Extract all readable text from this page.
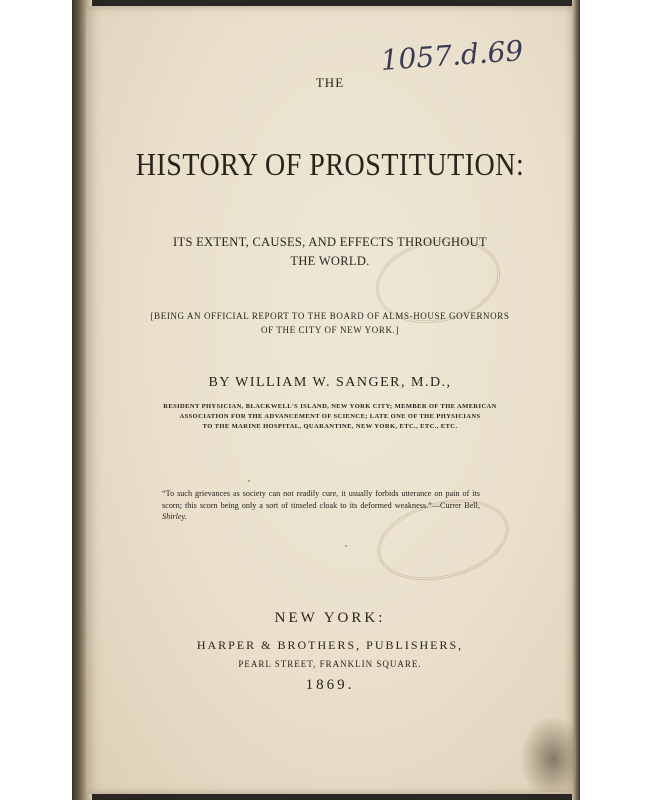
1057.d.69

THE

HISTORY OF PROSTITUTION:
ITS EXTENT, CAUSES, AND EFFECTS THROUGHOUT
THE WORLD.
[BEING AN OFFICIAL REPORT TO THE BOARD OF ALMS-HOUSE GOVERNORS
OF THE CITY OF NEW YORK.]

BY WILLIAM W. SANGER, M.D.,

RESIDENT PHYSICIAN, BLACKWELL'S ISLAND, NEW YORK CITY; MEMBER OF THE AMERICAN
ASSOCIATION FOR THE ADVANCEMENT OF SCIENCE; LATE ONE OF THE PHYSICIANS
TO THE MARINE HOSPITAL, QUARANTINE, NEW YORK, ETC., ETC., ETC.

“To such grievances as society can not readily cure, it usually forbids utterance on pain of its scorn; this scorn being only a sort of tinseled cloak to its deformed weakness.”—Currer Bell, Shirley.

NEW YORK:

HARPER & BROTHERS, PUBLISHERS,

PEARL STREET, FRANKLIN SQUARE.

1869.
